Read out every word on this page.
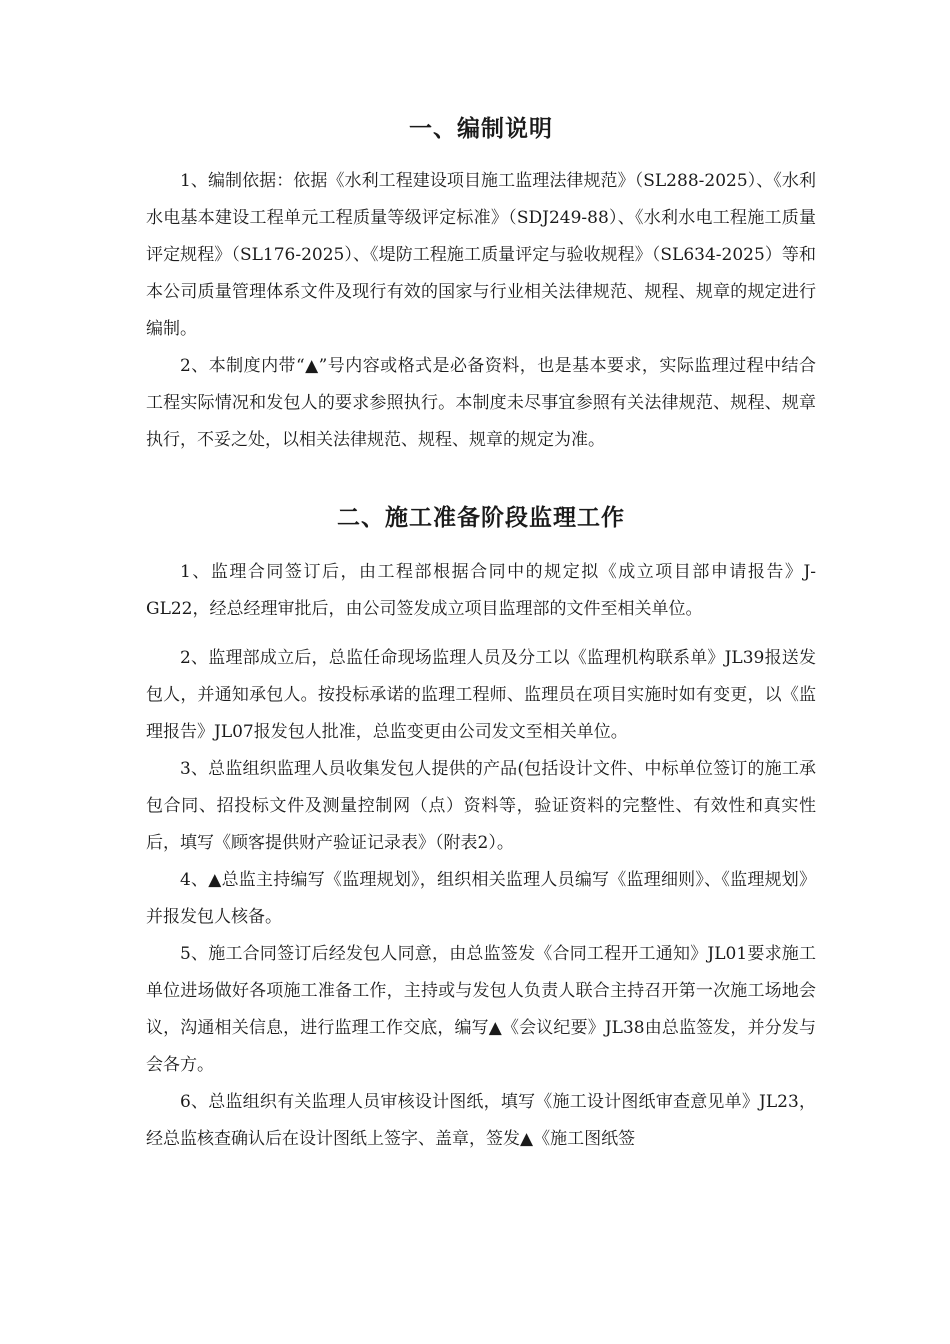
一、编制说明

1、编制依据：依据《水利工程建设项目施工监理法律规范》（SL288-2025）、《水利水电基本建设工程单元工程质量等级评定标准》（SDJ249-88）、《水利水电工程施工质量评定规程》（SL176-2025）、《堤防工程施工质量评定与验收规程》（SL634-2025）等和本公司质量管理体系文件及现行有效的国家与行业相关法律规范、规程、规章的规定进行编制。

2、本制度内带“▲”号内容或格式是必备资料，也是基本要求，实际监理过程中结合工程实际情况和发包人的要求参照执行。本制度未尽事宜参照有关法律规范、规程、规章执行，不妥之处，以相关法律规范、规程、规章的规定为准。

二、施工准备阶段监理工作

1、监理合同签订后，由工程部根据合同中的规定拟《成立项目部申请报告》J-GL22，经总经理审批后，由公司签发成立项目监理部的文件至相关单位。

2、监理部成立后，总监任命现场监理人员及分工以《监理机构联系单》JL39报送发包人，并通知承包人。按投标承诺的监理工程师、监理员在项目实施时如有变更，以《监理报告》JL07报发包人批准，总监变更由公司发文至相关单位。

3、总监组织监理人员收集发包人提供的产品(包括设计文件、中标单位签订的施工承包合同、招投标文件及测量控制网（点）资料等，验证资料的完整性、有效性和真实性后，填写《顾客提供财产验证记录表》（附表2）。

4、▲总监主持编写《监理规划》，组织相关监理人员编写《监理细则》、《监理规划》并报发包人核备。

5、施工合同签订后经发包人同意，由总监签发《合同工程开工通知》JL01要求施工单位进场做好各项施工准备工作，主持或与发包人负责人联合主持召开第一次施工场地会议，沟通相关信息，进行监理工作交底，编写▲《会议纪要》JL38由总监签发，并分发与会各方。

6、总监组织有关监理人员审核设计图纸，填写《施工设计图纸审查意见单》JL23，经总监核查确认后在设计图纸上签字、盖章，签发▲《施工图纸签
